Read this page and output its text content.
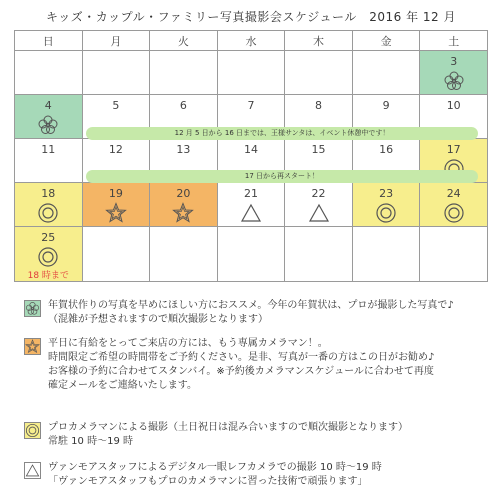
キッズ・カップル・ファミリー写真撮影会スケジュール　2016 年 12 月
日	月	火	水	木	金	土

						3

4	5	6	7	8	9	10

11	12	13	14	15	16	17

18	19	20	21	22	23	24

25
18 時まで						

12 月 5 日から 16 日までは、王様サンタは、イベント休憩中です！
17 日から再スタート！

年賀状作りの写真を早めにほしい方におススメ。今年の年賀状は、プロが撮影した写真で♪

（混雑が予想されますので順次撮影となります）

平日に有給をとってご来店の方には、もう専属カメラマン！。

時間限定ご希望の時間帯をご予約ください。是非、写真が一番の方はこの日がお勧め♪

お客様の予約に合わせてスタンバイ。※予約後カメラマンスケジュールに合わせて再度

確定メールをご連絡いたします。

プロカメラマンによる撮影（土日祝日は混み合いますので順次撮影となります）

常駐 10 時〜19 時

ヴァンモアスタッフによるデジタル一眼レフカメラでの撮影 10 時〜19 時

「ヴァンモアスタッフもプロのカメラマンに習った技術で頑張ります」
